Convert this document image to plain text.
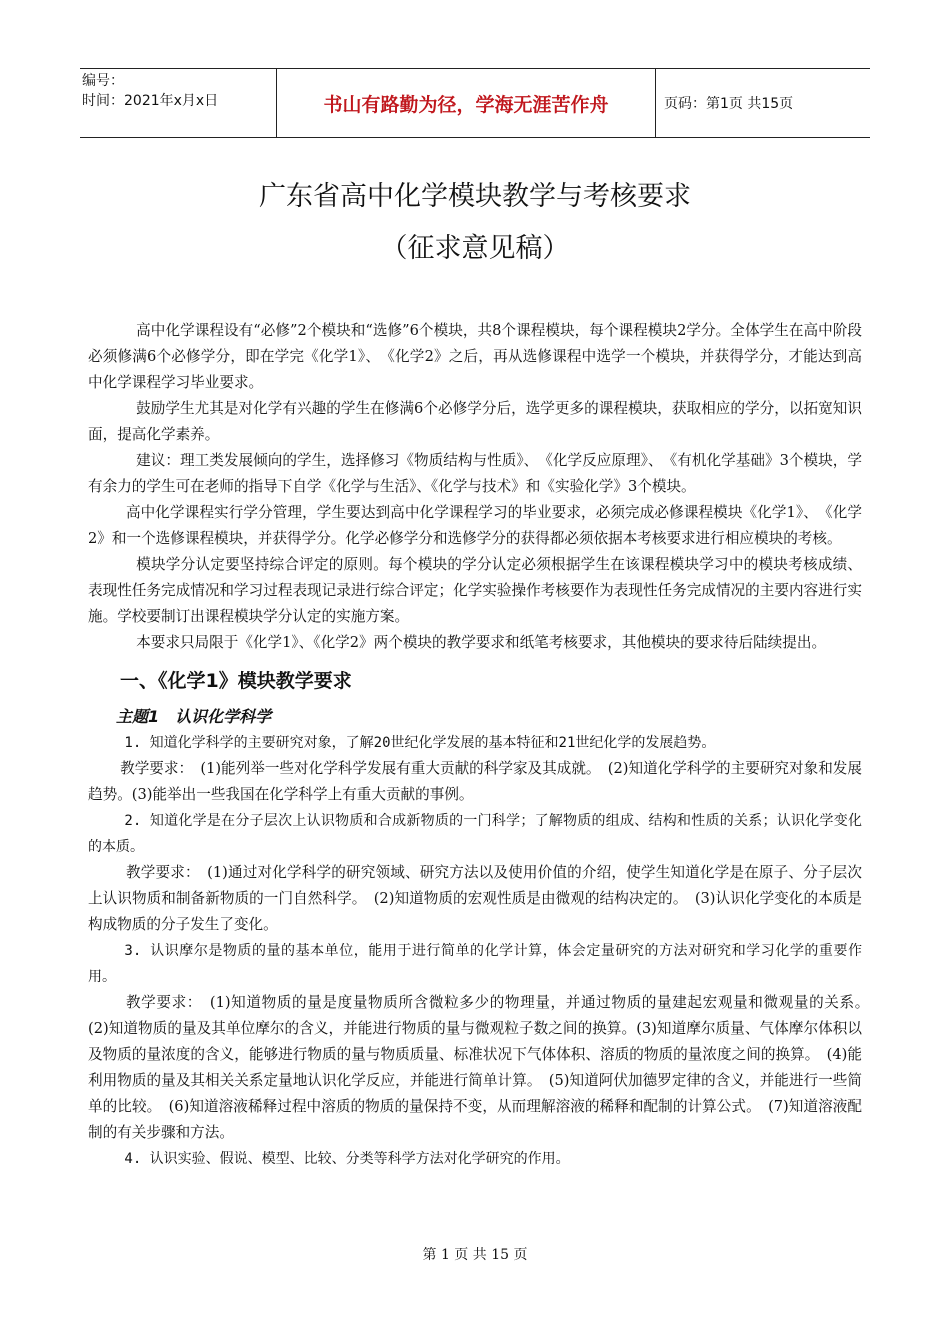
编号：
时间：2021年x月x日	书山有路勤为径，学海无涯苦作舟	页码：第1页 共15页
广东省高中化学模块教学与考核要求
（征求意见稿）

高中化学课程设有“必修”2个模块和“选修”6个模块，共8个课程模块，每个课程模块2学分。全体学生在高中阶段必须修满6个必修学分，即在学完《化学1》、　《化学2》之后，再从选修课程中选学一个模块，并获得学分，才能达到高中化学课程学习毕业要求。

鼓励学生尤其是对化学有兴趣的学生在修满6个必修学分后，选学更多的课程模块，获取相应的学分，以拓宽知识面，提高化学素养。

建议：理工类发展倾向的学生，选择修习《物质结构与性质》、　《化学反应原理》、　《有机化学基础》3个模块，学有余力的学生可在老师的指导下自学《化学与生活》、《化学与技术》和《实验化学》3个模块。

高中化学课程实行学分管理，学生要达到高中化学课程学习的毕业要求，必须完成必修课程模块《化学1》、　《化学2》和一个选修课程模块，并获得学分。化学必修学分和选修学分的获得都必须依据本考核要求进行相应模块的考核。

模块学分认定要坚持综合评定的原则。每个模块的学分认定必须根据学生在该课程模块学习中的模块考核成绩、表现性任务完成情况和学习过程表现记录进行综合评定；化学实验操作考核要作为表现性任务完成情况的主要内容进行实施。学校要制订出课程模块学分认定的实施方案。

本要求只局限于《化学1》、《化学2》两个模块的教学要求和纸笔考核要求，其他模块的要求待后陆续提出。

一、《化学1》模块教学要求

主题1　认识化学科学

1. 知道化学科学的主要研究对象，了解20世纪化学发展的基本特征和21世纪化学的发展趋势。

教学要求：　(1)能列举一些对化学科学发展有重大贡献的科学家及其成就。　(2)知道化学科学的主要研究对象和发展趋势。(3)能举出一些我国在化学科学上有重大贡献的事例。

2. 知道化学是在分子层次上认识物质和合成新物质的一门科学；了解物质的组成、结构和性质的关系；认识化学变化的本质。

教学要求：　(1)通过对化学科学的研究领域、研究方法以及使用价值的介绍，使学生知道化学是在原子、分子层次上认识物质和制备新物质的一门自然科学。　(2)知道物质的宏观性质是由微观的结构决定的。　(3)认识化学变化的本质是构成物质的分子发生了变化。

3. 认识摩尔是物质的量的基本单位，能用于进行简单的化学计算，体会定量研究的方法对研究和学习化学的重要作用。

教学要求：　(1)知道物质的量是度量物质所含微粒多少的物理量，并通过物质的量建起宏观量和微观量的关系。　(2)知道物质的量及其单位摩尔的含义，并能进行物质的量与微观粒子数之间的换算。(3)知道摩尔质量、气体摩尔体积以及物质的量浓度的含义，能够进行物质的量与物质质量、标准状况下气体体积、溶质的物质的量浓度之间的换算。　(4)能利用物质的量及其相关关系定量地认识化学反应，并能进行简单计算。　(5)知道阿伏加德罗定律的含义，并能进行一些简单的比较。　(6)知道溶液稀释过程中溶质的物质的量保持不变，从而理解溶液的稀释和配制的计算公式。　(7)知道溶液配制的有关步骤和方法。

4. 认识实验、假说、模型、比较、分类等科学方法对化学研究的作用。

第 1 页 共 15 页
